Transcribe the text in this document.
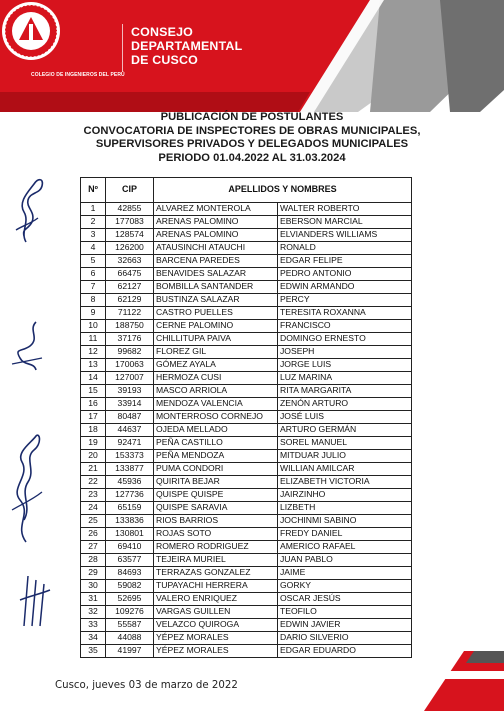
COLEGIO DE INGENIEROS DEL PERÚ
CONSEJO
DEPARTAMENTAL
DE CUSCO
PUBLICACIÓN DE POSTULANTES
CONVOCATORIA DE INSPECTORES DE OBRAS MUNICIPALES,
SUPERVISORES PRIVADOS Y DELEGADOS MUNICIPALES
PERIODO 01.04.2022 AL 31.03.2024
Nº	CIP	APELLIDOS Y NOMBRES	
1	42855	ALVAREZ MONTEROLA	WALTER ROBERTO
2	177083	ARENAS PALOMINO	EBERSON MARCIAL
3	128574	ARENAS PALOMINO	ELVIANDERS WILLIAMS
4	126200	ATAUSINCHI ATAUCHI	RONALD
5	32663	BARCENA PAREDES	EDGAR FELIPE
6	66475	BENAVIDES SALAZAR	PEDRO ANTONIO
7	62127	BOMBILLA SANTANDER	EDWIN ARMANDO
8	62129	BUSTINZA SALAZAR	PERCY
9	71122	CASTRO PUELLES	TERESITA ROXANNA
10	188750	CERNE PALOMINO	FRANCISCO
11	37176	CHILLITUPA PAIVA	DOMINGO ERNESTO
12	99682	FLOREZ GIL	JOSEPH
13	170063	GÓMEZ AYALA	JORGE LUIS
14	127007	HERMOZA CUSI	LUZ MARINA
15	39193	MASCO ARRIOLA	RITA MARGARITA
16	33914	MENDOZA VALENCIA	ZENÓN ARTURO
17	80487	MONTERROSO CORNEJO	JOSÉ LUIS
18	44637	OJEDA MELLADO	ARTURO GERMÁN
19	92471	PEÑA CASTILLO	SOREL MANUEL
20	153373	PEÑA MENDOZA	MITDUAR JULIO
21	133877	PUMA CONDORI	WILLIAN AMILCAR
22	45936	QUIRITA BEJAR	ELIZABETH VICTORIA
23	127736	QUISPE QUISPE	JAIRZINHO
24	65159	QUISPE SARAVIA	LIZBETH
25	133836	RIOS BARRIOS	JOCHINMI SABINO
26	130801	ROJAS SOTO	FREDY DANIEL
27	69410	ROMERO RODRIGUEZ	AMERICO RAFAEL
28	63577	TEJEIRA MURIEL	JUAN PABLO
29	84693	TERRAZAS GONZALEZ	JAIME
30	59082	TUPAYACHI HERRERA	GORKY
31	52695	VALERO ENRIQUEZ	OSCAR JESÚS
32	109276	VARGAS GUILLEN	TEOFILO
33	55587	VELAZCO QUIROGA	EDWIN JAVIER
34	44088	YÉPEZ MORALES	DARIO SILVERIO
35	41997	YÉPEZ MORALES	EDGAR EDUARDO
Cusco, jueves 03 de marzo de 2022
